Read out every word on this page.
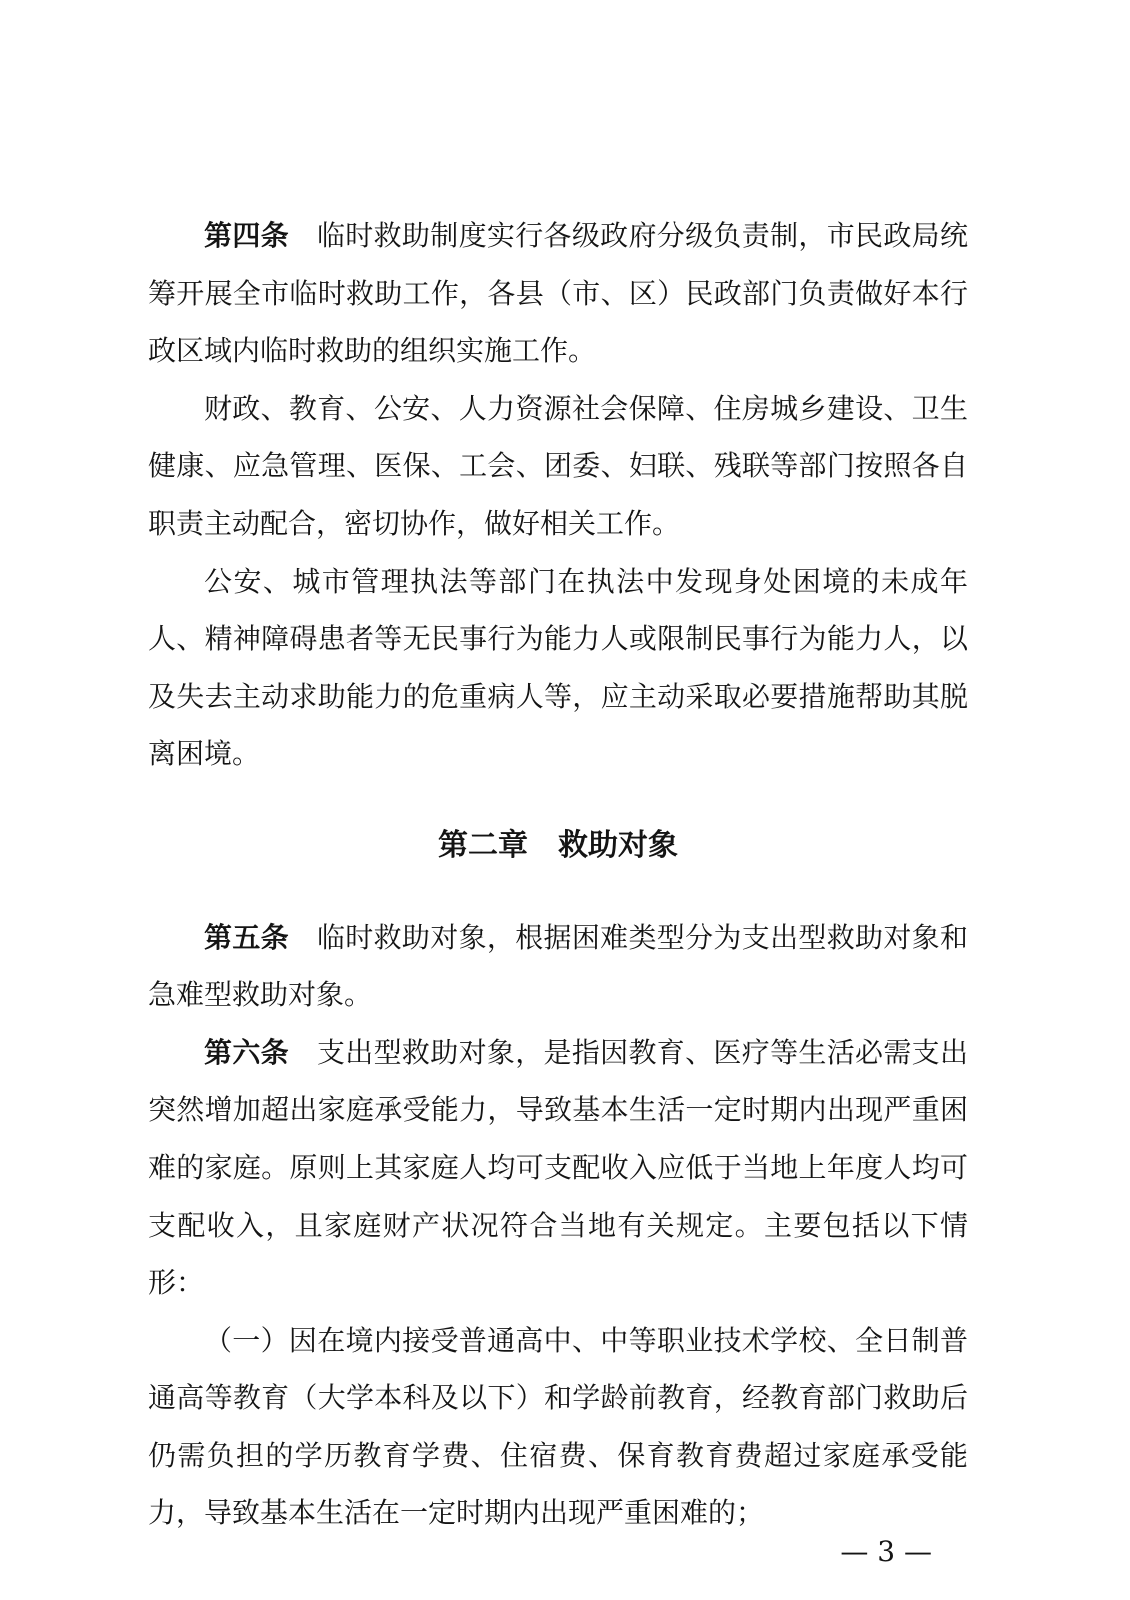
第四条 临时救助制度实行各级政府分级负责制，市民政局统筹开展全市临时救助工作，各县（市、区）民政部门负责做好本行政区域内临时救助的组织实施工作。

财政、教育、公安、人力资源社会保障、住房城乡建设、卫生健康、应急管理、医保、工会、团委、妇联、残联等部门按照各自职责主动配合，密切协作，做好相关工作。

公安、城市管理执法等部门在执法中发现身处困境的未成年人、精神障碍患者等无民事行为能力人或限制民事行为能力人，以及失去主动求助能力的危重病人等，应主动采取必要措施帮助其脱离困境。

第二章　救助对象

第五条 临时救助对象，根据困难类型分为支出型救助对象和急难型救助对象。

第六条 支出型救助对象，是指因教育、医疗等生活必需支出突然增加超出家庭承受能力，导致基本生活一定时期内出现严重困难的家庭。原则上其家庭人均可支配收入应低于当地上年度人均可支配收入，且家庭财产状况符合当地有关规定。主要包括以下情形：

（一）因在境内接受普通高中、中等职业技术学校、全日制普通高等教育（大学本科及以下）和学龄前教育，经教育部门救助后仍需负担的学历教育学费、住宿费、保育教育费超过家庭承受能力，导致基本生活在一定时期内出现严重困难的；

— 3 —
